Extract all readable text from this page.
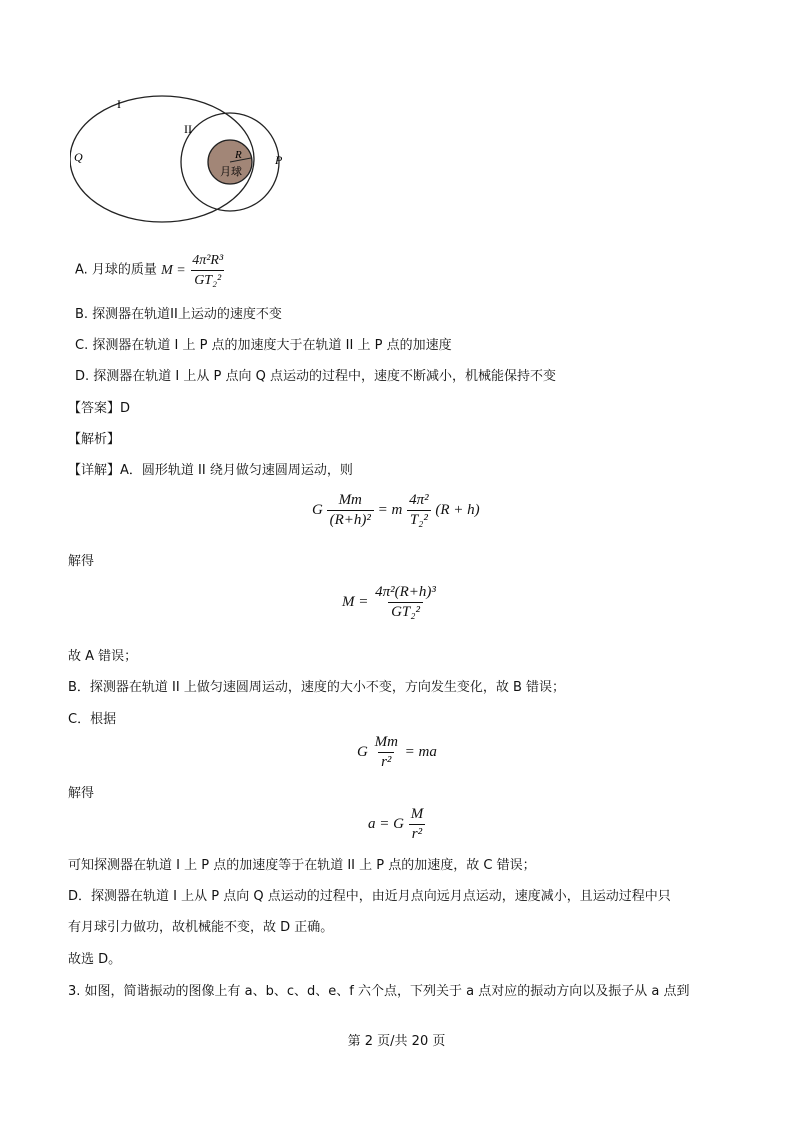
I
II
Q	P
R
月球
A. 月球的质量 $M = \frac{\text{4π²R³}}{\text{GT₂²}}$
B. 探测器在轨道II上运动的速度不变
C. 探测器在轨道 I 上 P 点的加速度大于在轨道 II 上 P 点的加速度
D. 探测器在轨道 I 上从 P 点向 Q 点运动的过程中，速度不断减小，机械能保持不变
【答案】D
【解析】
【详解】A．圆形轨道 II 绕月做匀速圆周运动，则
G $\frac{Mm}{\text{(R+h)²}} = m \frac{\text{4π²}}{\text{T₂²}} (R + h)$
解得
$M = \frac{\text{4π²(R+h)³}}{\text{GT₂²}}$
故 A 错误；
B．探测器在轨道 II 上做匀速圆周运动，速度的大小不变，方向发生变化，故 B 错误；
C．根据
G $\frac{Mm}{\text{r²}}$ = ma
解得
a = G $\frac{M}{\text{r²}}$
可知探测器在轨道 I 上 P 点的加速度等于在轨道 II 上 P 点的加速度，故 C 错误；
D．探测器在轨道 I 上从 P 点向 Q 点运动的过程中，由近月点向远月点运动，速度减小，且运动过程中只
有月球引力做功，故机械能不变，故 D 正确。
故选 D。
3. 如图，简谐振动的图像上有 a、b、c、d、e、f 六个点，下列关于 a 点对应的振动方向以及振子从 a 点到
第 2 页/共 20 页
